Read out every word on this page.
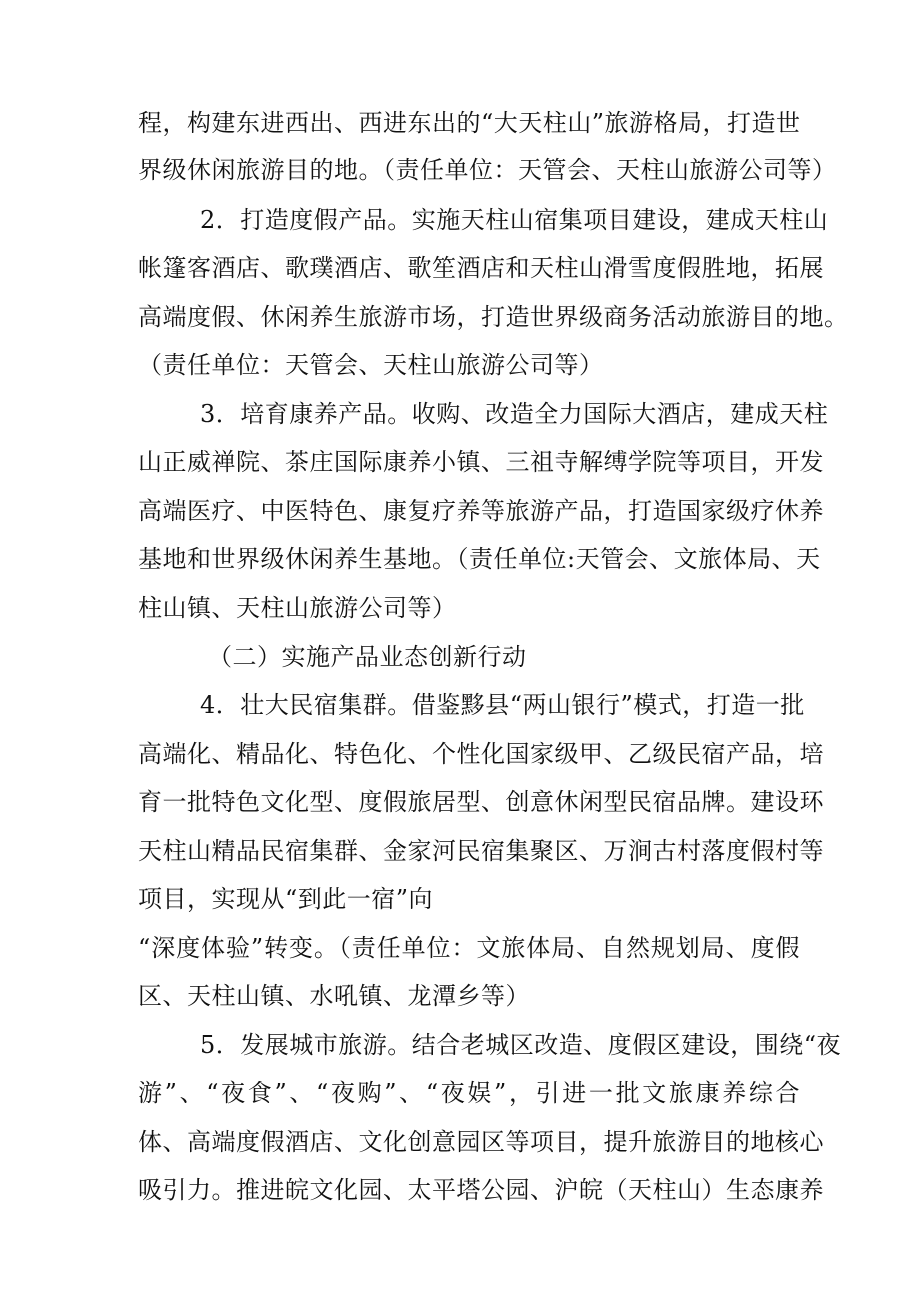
程，构建东进西出、西进东出的“大天柱山”旅游格局，打造世
界级休闲旅游目的地。（责任单位：天管会、天柱山旅游公司等）
2．打造度假产品。实施天柱山宿集项目建设，建成天柱山
帐篷客酒店、歌璞酒店、歌笙酒店和天柱山滑雪度假胜地，拓展
高端度假、休闲养生旅游市场，打造世界级商务活动旅游目的地。
（责任单位：天管会、天柱山旅游公司等）
3．培育康养产品。收购、改造全力国际大酒店，建成天柱
山正威禅院、茶庄国际康养小镇、三祖寺解缚学院等项目，开发
高端医疗、中医特色、康复疗养等旅游产品，打造国家级疗休养
基地和世界级休闲养生基地。（责任单位:天管会、文旅体局、天
柱山镇、天柱山旅游公司等）
（二）实施产品业态创新行动
4．壮大民宿集群。借鉴黟县“两山银行”模式，打造一批
高端化、精品化、特色化、个性化国家级甲、乙级民宿产品，培
育一批特色文化型、度假旅居型、创意休闲型民宿品牌。建设环
天柱山精品民宿集群、金家河民宿集聚区、万涧古村落度假村等
项目，实现从“到此一宿”向
“深度体验”转变。（责任单位：文旅体局、自然规划局、度假
区、天柱山镇、水吼镇、龙潭乡等）
5．发展城市旅游。结合老城区改造、度假区建设，围绕“夜
游”、“夜食”、“夜购”、“夜娱”，引进一批文旅康养综合
体、高端度假酒店、文化创意园区等项目，提升旅游目的地核心
吸引力。推进皖文化园、太平塔公园、沪皖（天柱山）生态康养
